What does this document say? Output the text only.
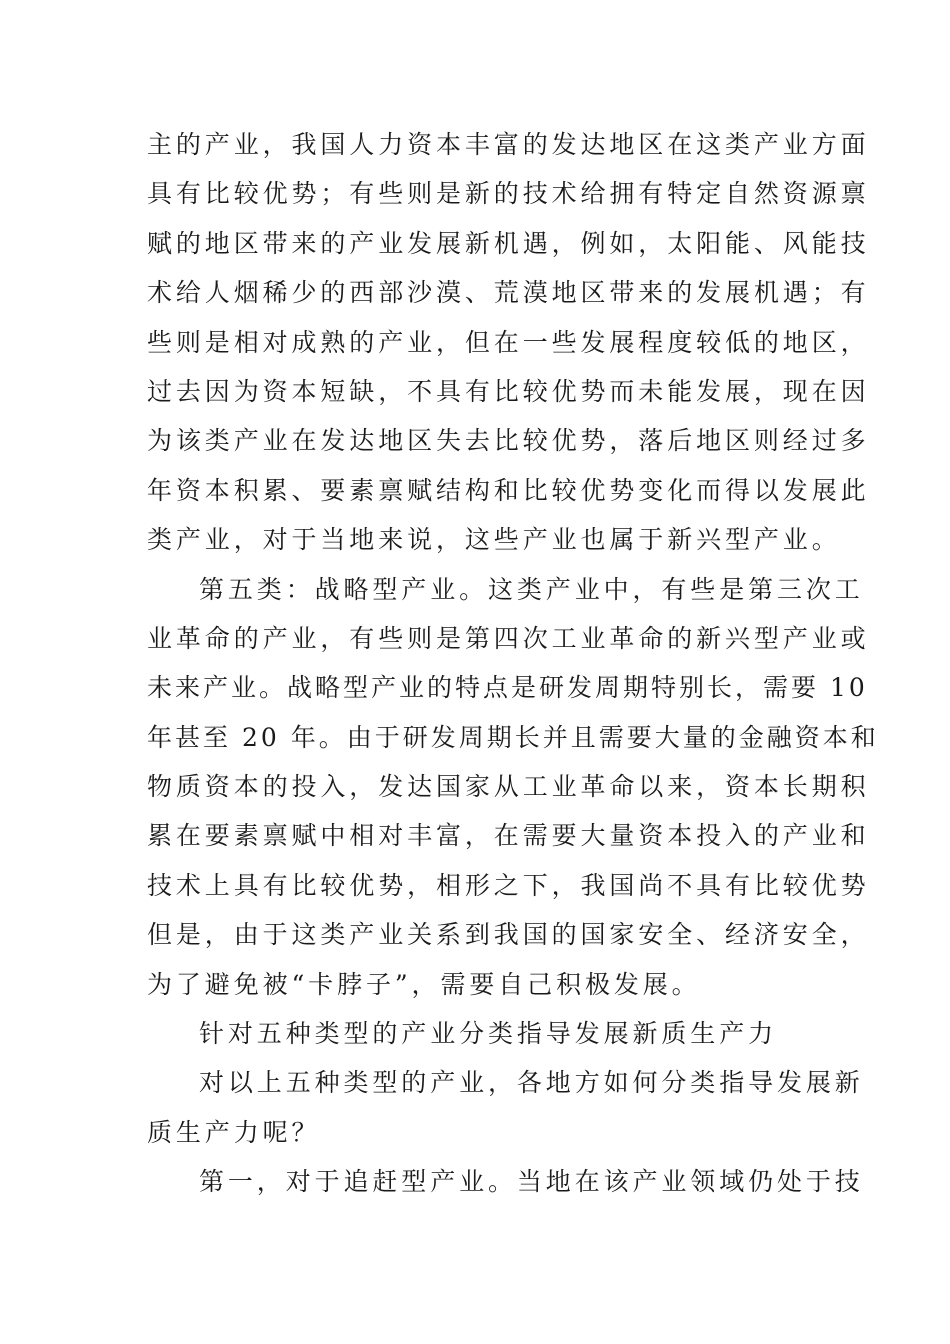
主的产业，我国人力资本丰富的发达地区在这类产业方面
具有比较优势；有些则是新的技术给拥有特定自然资源禀
赋的地区带来的产业发展新机遇，例如，太阳能、风能技
术给人烟稀少的西部沙漠、荒漠地区带来的发展机遇；有
些则是相对成熟的产业，但在一些发展程度较低的地区，
过去因为资本短缺，不具有比较优势而未能发展，现在因
为该类产业在发达地区失去比较优势，落后地区则经过多
年资本积累、要素禀赋结构和比较优势变化而得以发展此
类产业，对于当地来说，这些产业也属于新兴型产业。
第五类：战略型产业。这类产业中，有些是第三次工
业革命的产业，有些则是第四次工业革命的新兴型产业或
未来产业。战略型产业的特点是研发周期特别长，需要 10
年甚至 20 年。由于研发周期长并且需要大量的金融资本和
物质资本的投入，发达国家从工业革命以来，资本长期积
累在要素禀赋中相对丰富，在需要大量资本投入的产业和
技术上具有比较优势，相形之下，我国尚不具有比较优势
但是，由于这类产业关系到我国的国家安全、经济安全，
为了避免被“卡脖子”，需要自己积极发展。
针对五种类型的产业分类指导发展新质生产力
对以上五种类型的产业，各地方如何分类指导发展新
质生产力呢？
第一，对于追赶型产业。当地在该产业领域仍处于技
